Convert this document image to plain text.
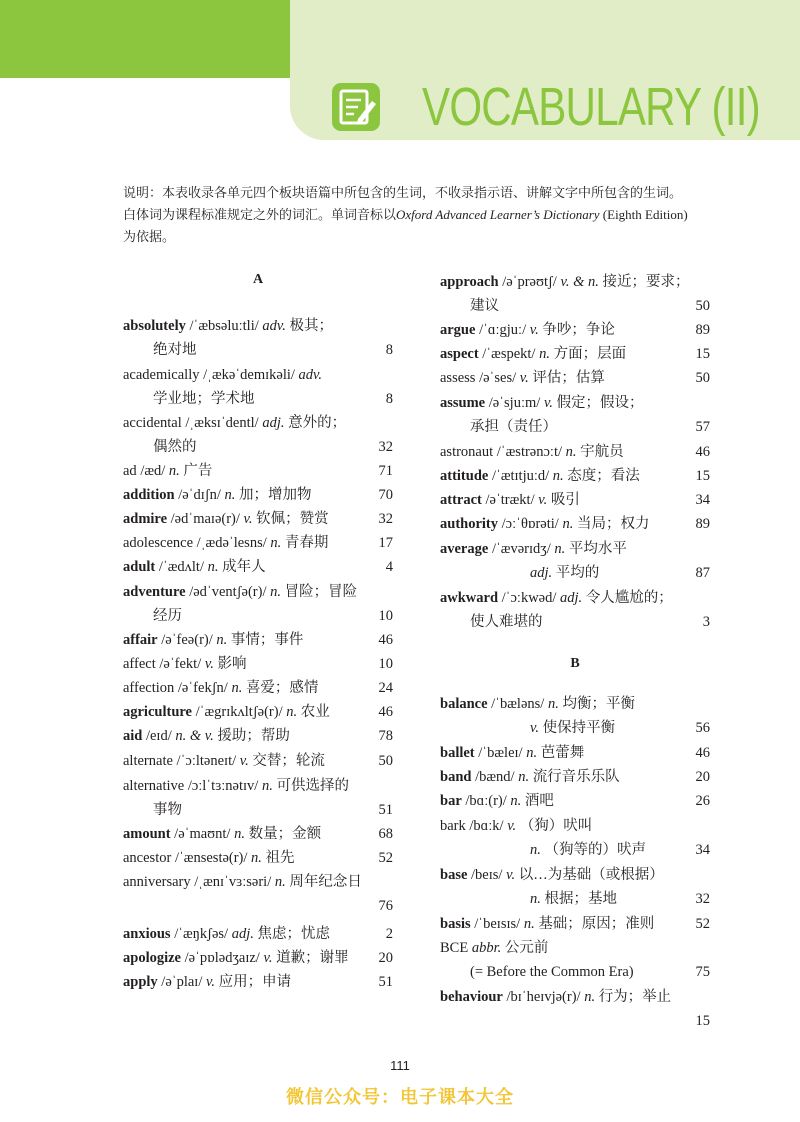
VOCABULARY (II)

说明：本表收录各单元四个板块语篇中所包含的生词，不收录指示语、讲解文字中所包含的生词。

白体词为课程标准规定之外的词汇。单词音标以Oxford Advanced Learner’s Dictionary (Eighth Edition)

为依据。

A
absolutely /ˈæbsəluːtli/ adv. 极其；
绝对地	8
academically /ˌækəˈdemɪkəli/ adv.
学业地；学术地	8
accidental /ˌæksɪˈdentl/ adj. 意外的；
偶然的	32
ad /æd/ n. 广告	71
addition /əˈdɪʃn/ n. 加；增加物	70
admire /ədˈmaɪə(r)/ v. 钦佩；赞赏	32
adolescence /ˌædəˈlesns/ n. 青春期	17
adult /ˈædʌlt/ n. 成年人	4
adventure /ədˈventʃə(r)/ n. 冒险；冒险
经历	10
affair /əˈfeə(r)/ n. 事情；事件	46
affect /əˈfekt/ v. 影响	10
affection /əˈfekʃn/ n. 喜爱；感情	24
agriculture /ˈægrɪkʌltʃə(r)/ n. 农业	46
aid /eɪd/ n. & v. 援助；帮助	78
alternate /ˈɔːltəneɪt/ v. 交替；轮流	50
alternative /ɔːlˈtɜːnətɪv/ n. 可供选择的
事物	51
amount /əˈmaʊnt/ n. 数量；金额	68
ancestor /ˈænsestə(r)/ n. 祖先	52
anniversary /ˌænɪˈvɜːsəri/ n. 周年纪念日
76
anxious /ˈæŋkʃəs/ adj. 焦虑；忧虑	2
apologize /əˈpɒlədʒaɪz/ v. 道歉；谢罪 20
apply /əˈplaɪ/ v. 应用；申请	51
B
approach /əˈprəʊtʃ/ v. & n. 接近；要求；
建议	50
argue /ˈɑːgjuː/ v. 争吵；争论	89
aspect /ˈæspekt/ n. 方面；层面	15
assess /əˈses/ v. 评估；估算	50
assume /əˈsjuːm/ v. 假定；假设；
承担（责任）	57
astronaut /ˈæstrənɔːt/ n. 宇航员	46
attitude /ˈætɪtjuːd/ n. 态度；看法	15
attract /əˈtrækt/ v. 吸引	34
authority /ɔːˈθɒrəti/ n. 当局；权力	89
average /ˈævərɪdʒ/ n. 平均水平
adj. 平均的	87
awkward /ˈɔːkwəd/ adj. 令人尴尬的；
使人难堪的	3
balance /ˈbæləns/ n. 均衡；平衡
v. 使保持平衡	56
ballet /ˈbæleɪ/ n. 芭蕾舞	46
band /bænd/ n. 流行音乐乐队	20
bar /bɑː(r)/ n. 酒吧	26
bark /bɑːk/ v. （狗）吠叫
n. （狗等的）吠声	34
base /beɪs/ v. 以…为基础（或根据）
n. 根据；基地	32
basis /ˈbeɪsɪs/ n. 基础；原因；准则	52
BCE abbr. 公元前
(= Before the Common Era)	75
behaviour /bɪˈheɪvjə(r)/ n. 行为；举止
15
111
微信公众号：电子课本大全
